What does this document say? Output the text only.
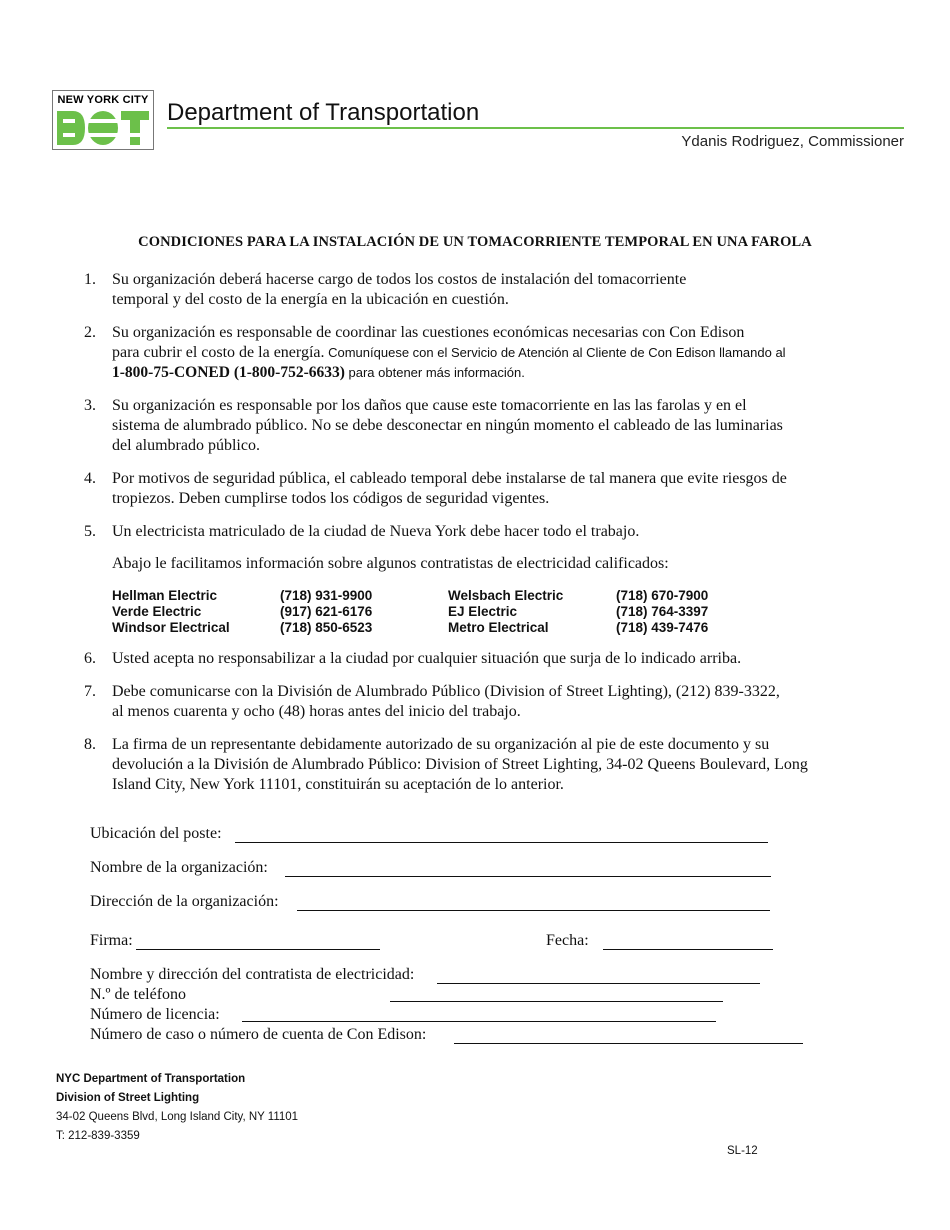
NEW YORK CITY Department of Transportation
Ydanis Rodriguez, Commissioner
CONDICIONES PARA LA INSTALACIÓN DE UN TOMACORRIENTE TEMPORAL EN UNA FAROLA
1.	Su organización deberá hacerse cargo de todos los costos de instalación del tomacorriente
temporal y del costo de la energía en la ubicación en cuestión.
2.	Su organización es responsable de coordinar las cuestiones económicas necesarias con Con Edison
para cubrir el costo de la energía. Comuníquese con el Servicio de Atención al Cliente de Con Edison llamando al
1-800-75-CONED (1-800-752-6633) para obtener más información.
3.	Su organización es responsable por los daños que cause este tomacorriente en las las farolas y en el
sistema de alumbrado público. No se debe desconectar en ningún momento el cableado de las luminarias
del alumbrado público.
4.	Por motivos de seguridad pública, el cableado temporal debe instalarse de tal manera que evite riesgos de
tropiezos. Deben cumplirse todos los códigos de seguridad vigentes.
5.	Un electricista matriculado de la ciudad de Nueva York debe hacer todo el trabajo.
Abajo le facilitamos información sobre algunos contratistas de electricidad calificados:
Hellman Electric	(718) 931-9900	Welsbach Electric	(718) 670-7900
Verde Electric	(917) 621-6176	EJ Electric	(718) 764-3397
Windsor Electrical	(718) 850-6523	Metro Electrical	(718) 439-7476
6.	Usted acepta no responsabilizar a la ciudad por cualquier situación que surja de lo indicado arriba.
7.	Debe comunicarse con la División de Alumbrado Público (Division of Street Lighting), (212) 839-3322,
al menos cuarenta y ocho (48) horas antes del inicio del trabajo.
8.	La firma de un representante debidamente autorizado de su organización al pie de este documento y su
devolución a la División de Alumbrado Público: Division of Street Lighting, 34-02 Queens Boulevard, Long
Island City, New York 11101, constituirán su aceptación de lo anterior.
Ubicación del poste:
Nombre de la organización:
Dirección de la organización:
Firma:	Fecha:
Nombre y dirección del contratista de electricidad:
N.º de teléfono
Número de licencia:
Número de caso o número de cuenta de Con Edison:
NYC Department of Transportation
Division of Street Lighting
34-02 Queens Blvd, Long Island City, NY 11101
T: 212-839-3359
SL-12
